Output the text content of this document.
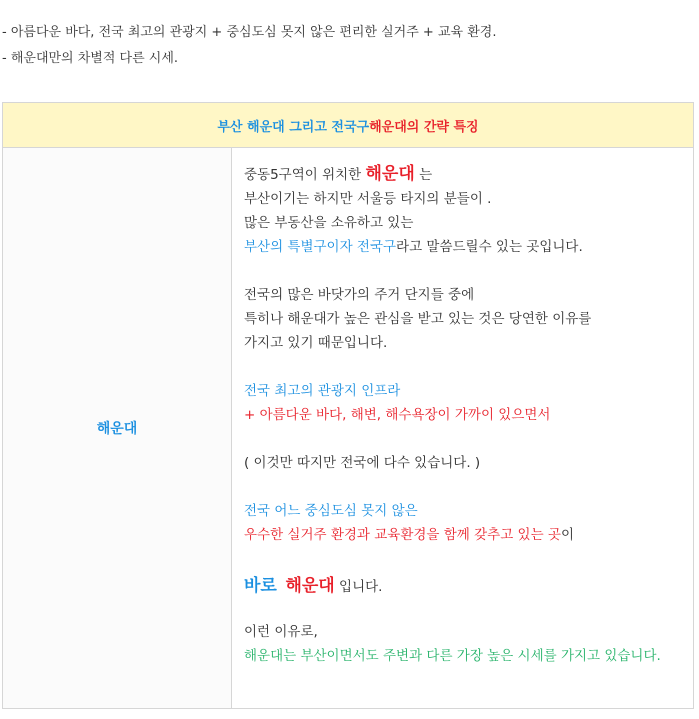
- 아름다운 바다, 전국 최고의 관광지 + 중심도심 못지 않은 편리한 실거주 + 교육 환경.

- 해운대만의 차별적 다른 시세.

부산 해운대 그리고 전국구 해운대의 간략 특징
해운대
중동5구역이 위치한 해운대 는
부산이기는 하지만 서울등 타지의 분들이 .
많은 부동산을 소유하고 있는
부산의 특별구이자 전국구라고 말씀드릴수 있는 곳입니다.
전국의 많은 바닷가의 주거 단지들 중에
특히나 해운대가 높은 관심을 받고 있는 것은 당연한 이유를
가지고 있기 때문입니다.
전국 최고의 관광지 인프라
+ 아름다운 바다, 해변, 해수욕장이 가까이 있으면서
( 이것만 따지만 전국에 다수 있습니다. )
전국 어느 중심도심 못지 않은
우수한 실거주 환경과 교육환경을 함께 갖추고 있는 곳이
바로 해운대 입니다.
이런 이유로,
해운대는 부산이면서도 주변과 다른 가장 높은 시세를 가지고 있습니다.
